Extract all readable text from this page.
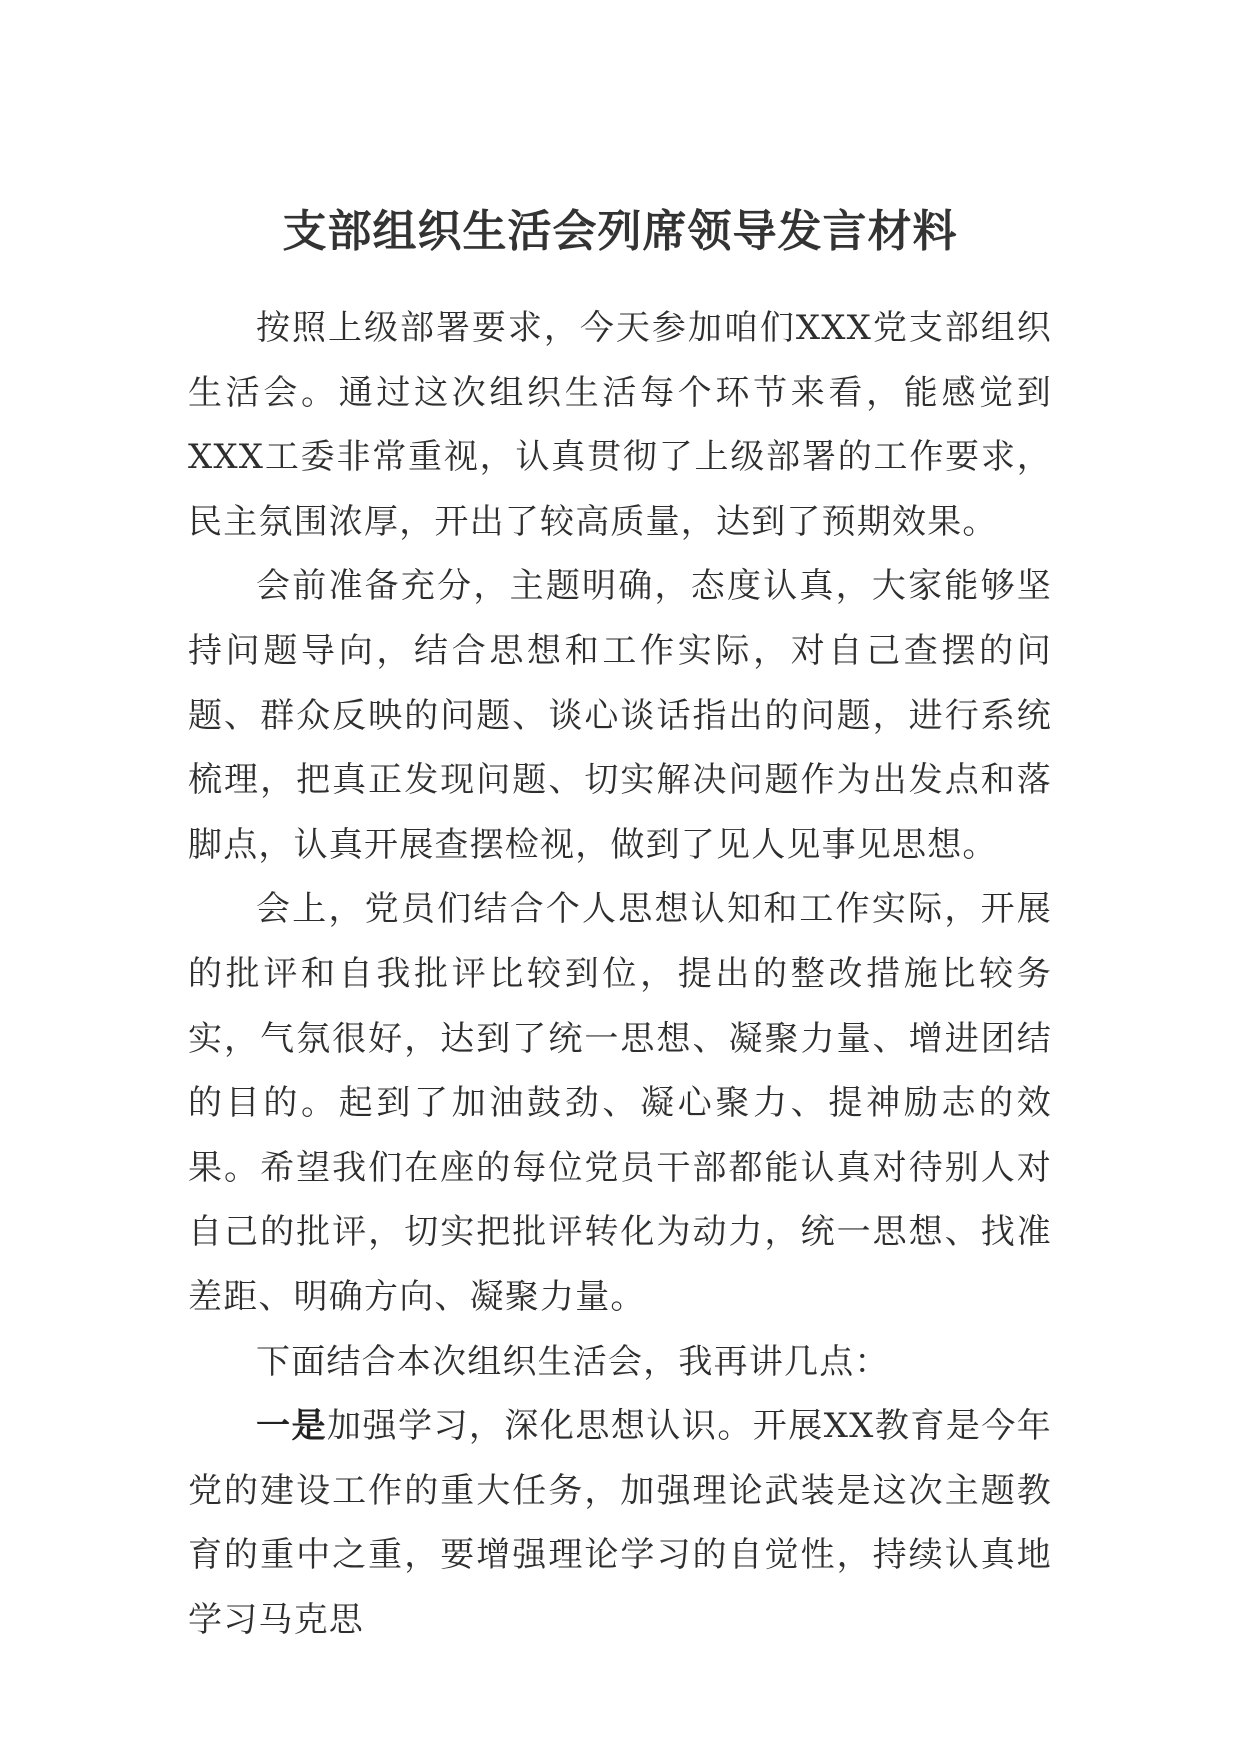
支部组织生活会列席领导发言材料

按照上级部署要求，今天参加咱们XXX党支部组织生活会。通过这次组织生活每个环节来看，能感觉到XXX工委非常重视，认真贯彻了上级部署的工作要求，民主氛围浓厚，开出了较高质量，达到了预期效果。

会前准备充分，主题明确，态度认真，大家能够坚持问题导向，结合思想和工作实际，对自己查摆的问题、群众反映的问题、谈心谈话指出的问题，进行系统梳理，把真正发现问题、切实解决问题作为出发点和落脚点，认真开展查摆检视，做到了见人见事见思想。

会上，党员们结合个人思想认知和工作实际，开展的批评和自我批评比较到位，提出的整改措施比较务实，气氛很好，达到了统一思想、凝聚力量、增进团结的目的。起到了加油鼓劲、凝心聚力、提神励志的效果。希望我们在座的每位党员干部都能认真对待别人对自己的批评，切实把批评转化为动力，统一思想、找准差距、明确方向、凝聚力量。

下面结合本次组织生活会，我再讲几点：

一是加强学习，深化思想认识。开展XX教育是今年党的建设工作的重大任务，加强理论武装是这次主题教育的重中之重，要增强理论学习的自觉性，持续认真地学习马克思
